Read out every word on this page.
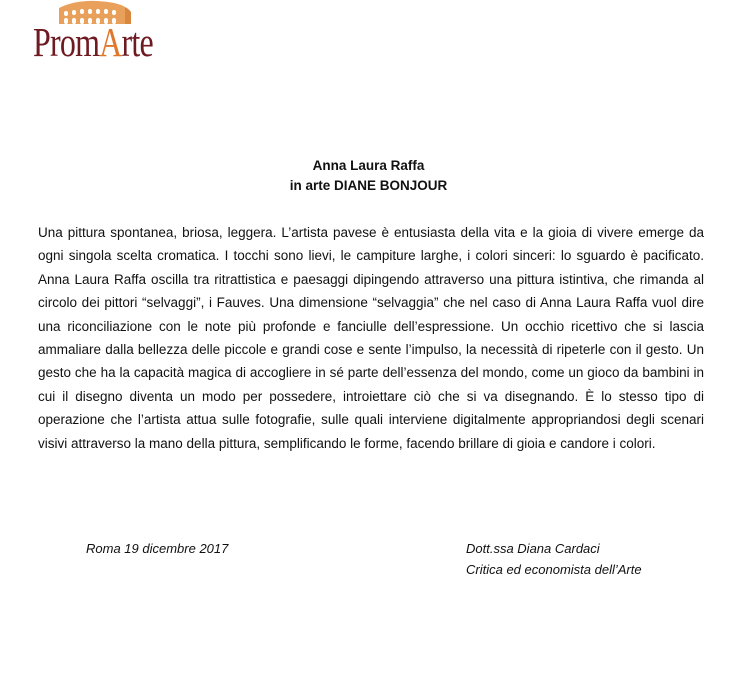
PromArte

Anna Laura Raffa

in arte DIANE BONJOUR

Una pittura spontanea, briosa, leggera. L’artista pavese è entusiasta della vita e la gioia di vivere emerge da ogni singola scelta cromatica. I tocchi sono lievi, le campiture larghe, i colori sinceri: lo sguardo è pacificato. Anna Laura Raffa oscilla tra ritrattistica e paesaggi dipingendo attraverso una pittura istintiva, che rimanda al circolo dei pittori “selvaggi”, i Fauves. Una dimensione “selvaggia” che nel caso di Anna Laura Raffa vuol dire una riconciliazione con le note più profonde e fanciulle dell’espressione. Un occhio ricettivo che si lascia ammaliare dalla bellezza delle piccole e grandi cose e sente l’impulso, la necessità di ripeterle con il gesto. Un gesto che ha la capacità magica di accogliere in sé parte dell’essenza del mondo, come un gioco da bambini in cui il disegno diventa un modo per possedere, introiettare ciò che si va disegnando. È lo stesso tipo di operazione che l’artista attua sulle fotografie, sulle quali interviene digitalmente appropriandosi degli scenari visivi attraverso la mano della pittura, semplificando le forme, facendo brillare di gioia e candore i colori.

Roma 19 dicembre 2017	Dott.ssa Diana Cardaci

Critica ed economista dell’Arte
